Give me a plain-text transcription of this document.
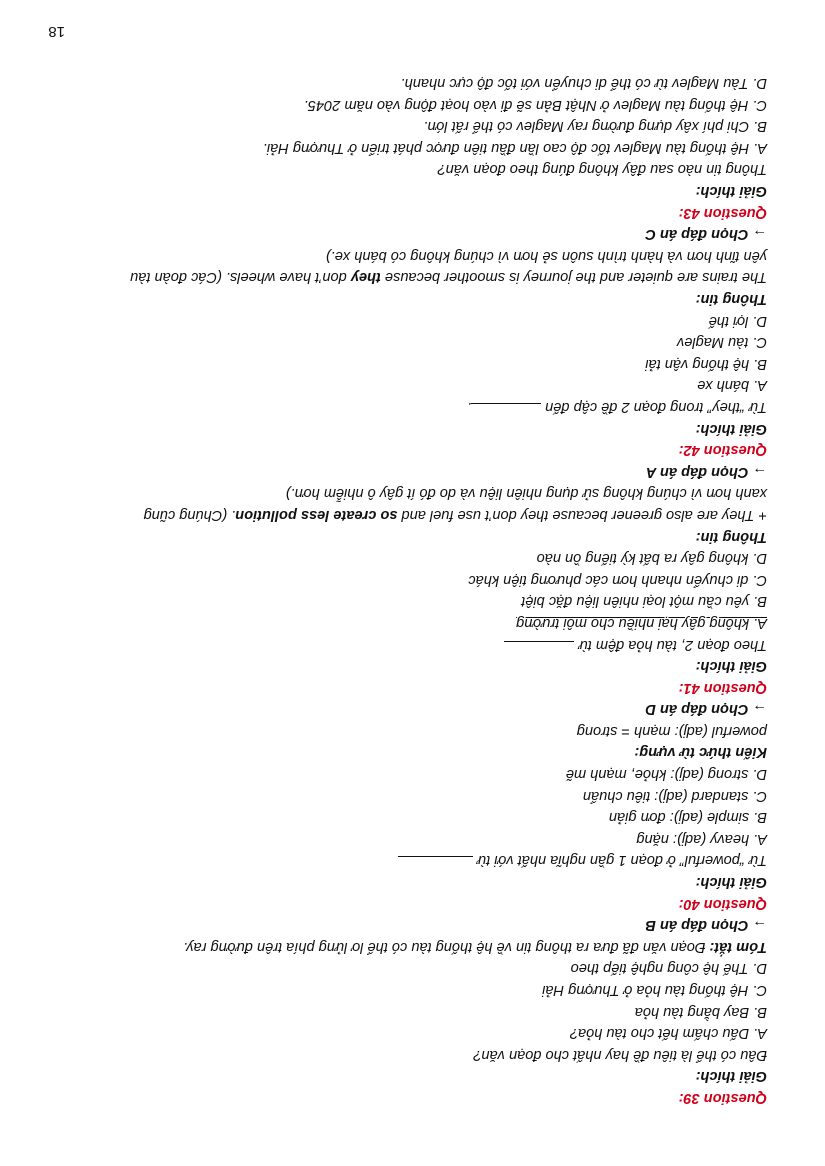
Question 39:
Giải thích:
Đâu có thể là tiêu đề hay nhất cho đoạn văn?
A. Dấu chấm hết cho tàu hỏa?
B. Bay bằng tàu hỏa
C. Hệ thống tàu hỏa ở Thượng Hải
D. Thế hệ công nghệ tiếp theo
Tóm tắt: Đoạn văn đã đưa ra thông tin về hệ thống tàu có thể lơ lửng phía trên đường ray.
→ Chọn đáp án B
Question 40:
Giải thích:
Từ “powerful” ở đoạn 1 gần nghĩa nhất với từ
A. heavy (adj): nặng
B. simple (adj): đơn giản
C. standard (adj): tiêu chuẩn
D. strong (adj): khỏe, mạnh mẽ
Kiến thức từ vựng:
powerful (adj): mạnh = strong
→ Chọn đáp án D
Question 41:
Giải thích:
Theo đoạn 2, tàu hỏa đệm từ
A. không gây hại nhiều cho môi trường
B. yêu cầu một loại nhiên liệu đặc biệt
C. di chuyển nhanh hơn các phương tiện khác
D. không gây ra bất kỳ tiếng ồn nào
Thông tin:
+ They are also greener because they don’t use fuel and so create less pollution. (Chúng cũng
xanh hơn vì chúng không sử dụng nhiên liệu và do đó ít gây ô nhiễm hơn.)
→ Chọn đáp án A
Question 42:
Giải thích:
Từ “they” trong đoạn 2 đề cập đến.
A. bánh xe
B. hệ thống vận tải
C. tàu Maglev
D. lợi thế
Thông tin:
The trains are quieter and the journey is smoother because they don’t have wheels. (Các đoàn tàu
yên tĩnh hơn và hành trình suôn sẻ hơn vì chúng không có bánh xe.)
→ Chọn đáp án C
Question 43:
Giải thích:
Thông tin nào sau đây không đúng theo đoạn văn?
A. Hệ thống tàu Maglev tốc độ cao lần đầu tiên được phát triển ở Thượng Hải.
B. Chi phí xây dựng đường ray Maglev có thể rất lớn.
C. Hệ thống tàu Maglev ở Nhật Bản sẽ đi vào hoạt động vào năm 2045.
D. Tàu Maglev từ có thể di chuyển với tốc độ cực nhanh.
18
